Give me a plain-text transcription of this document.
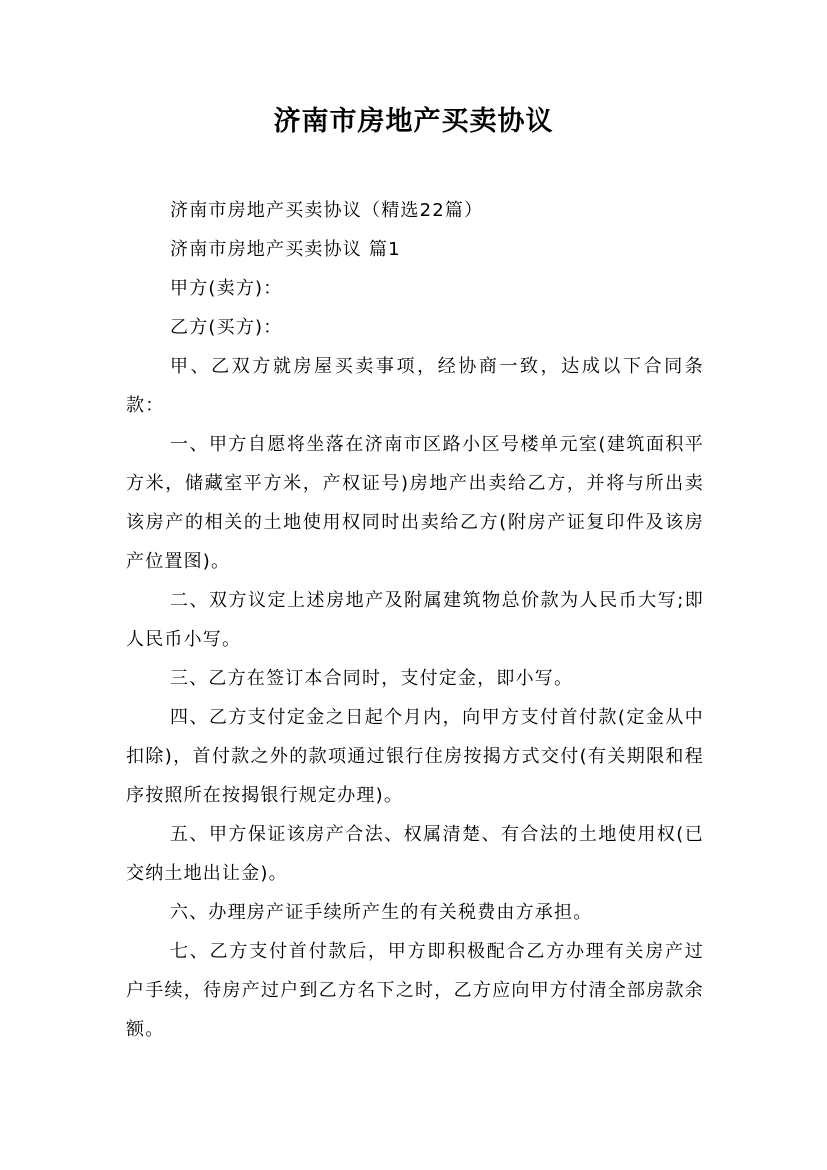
济南市房地产买卖协议

济南市房地产买卖协议（精选22篇）

济南市房地产买卖协议 篇1

甲方(卖方)：

乙方(买方)：

甲、乙双方就房屋买卖事项，经协商一致，达成以下合同条款：

一、甲方自愿将坐落在济南市区路小区号楼单元室(建筑面积平方米，储藏室平方米，产权证号)房地产出卖给乙方，并将与所出卖该房产的相关的土地使用权同时出卖给乙方(附房产证复印件及该房产位置图)。

二、双方议定上述房地产及附属建筑物总价款为人民币大写;即人民币小写。

三、乙方在签订本合同时，支付定金，即小写。

四、乙方支付定金之日起个月内，向甲方支付首付款(定金从中扣除)，首付款之外的款项通过银行住房按揭方式交付(有关期限和程序按照所在按揭银行规定办理)。

五、甲方保证该房产合法、权属清楚、有合法的土地使用权(已交纳土地出让金)。

六、办理房产证手续所产生的有关税费由方承担。

七、乙方支付首付款后，甲方即积极配合乙方办理有关房产过户手续，待房产过户到乙方名下之时，乙方应向甲方付清全部房款余额。
